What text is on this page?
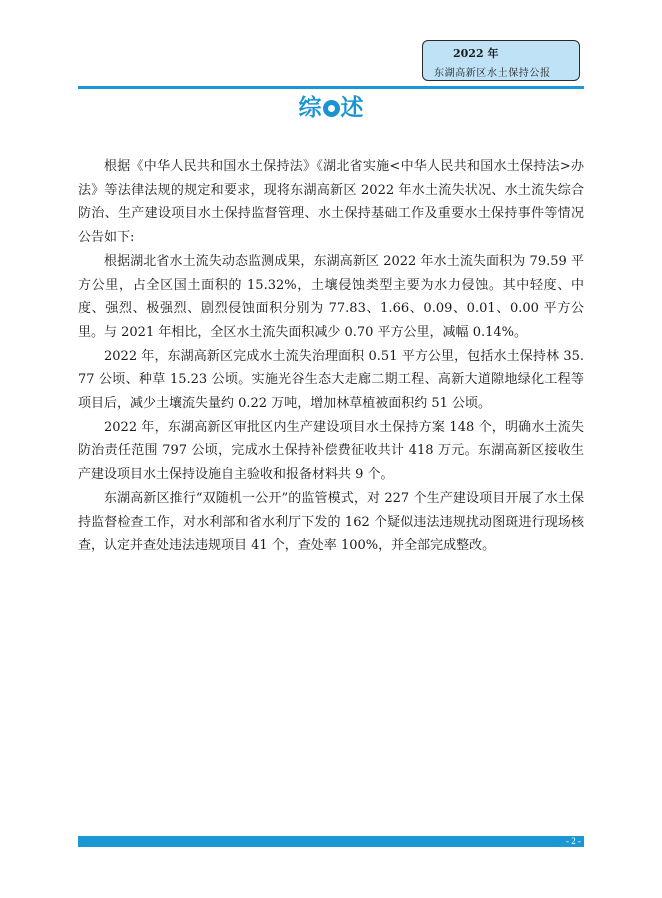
2022 年
东湖高新区水土保持公报
综 述

根据《中华人民共和国水土保持法》《湖北省实施<中华人民共和国水土保持法>办法》等法律法规的规定和要求，现将东湖高新区 2022 年水土流失状况、水土流失综合防治、生产建设项目水土保持监督管理、水土保持基础工作及重要水土保持事件等情况公告如下:

根据湖北省水土流失动态监测成果，东湖高新区 2022 年水土流失面积为 79.59 平方公里，占全区国土面积的 15.32%，土壤侵蚀类型主要为水力侵蚀。其中轻度、中度、强烈、极强烈、剧烈侵蚀面积分别为 77.83、1.66、0.09、0.01、0.00 平方公里。与 2021 年相比，全区水土流失面积减少 0.70 平方公里，减幅 0.14%。

2022 年，东湖高新区完成水土流失治理面积 0.51 平方公里，包括水土保持林 35.77 公顷、种草 15.23 公顷。实施光谷生态大走廊二期工程、高新大道隙地绿化工程等项目后，减少土壤流失量约 0.22 万吨，增加林草植被面积约 51 公顷。

2022 年，东湖高新区审批区内生产建设项目水土保持方案 148 个，明确水土流失防治责任范围 797 公顷，完成水土保持补偿费征收共计 418 万元。东湖高新区接收生产建设项目水土保持设施自主验收和报备材料共 9 个。

东湖高新区推行“双随机一公开”的监管模式，对 227 个生产建设项目开展了水土保持监督检查工作，对水利部和省水利厅下发的 162 个疑似违法违规扰动图斑进行现场核查，认定并查处违法违规项目 41 个，查处率 100%，并全部完成整改。

- 2 -
